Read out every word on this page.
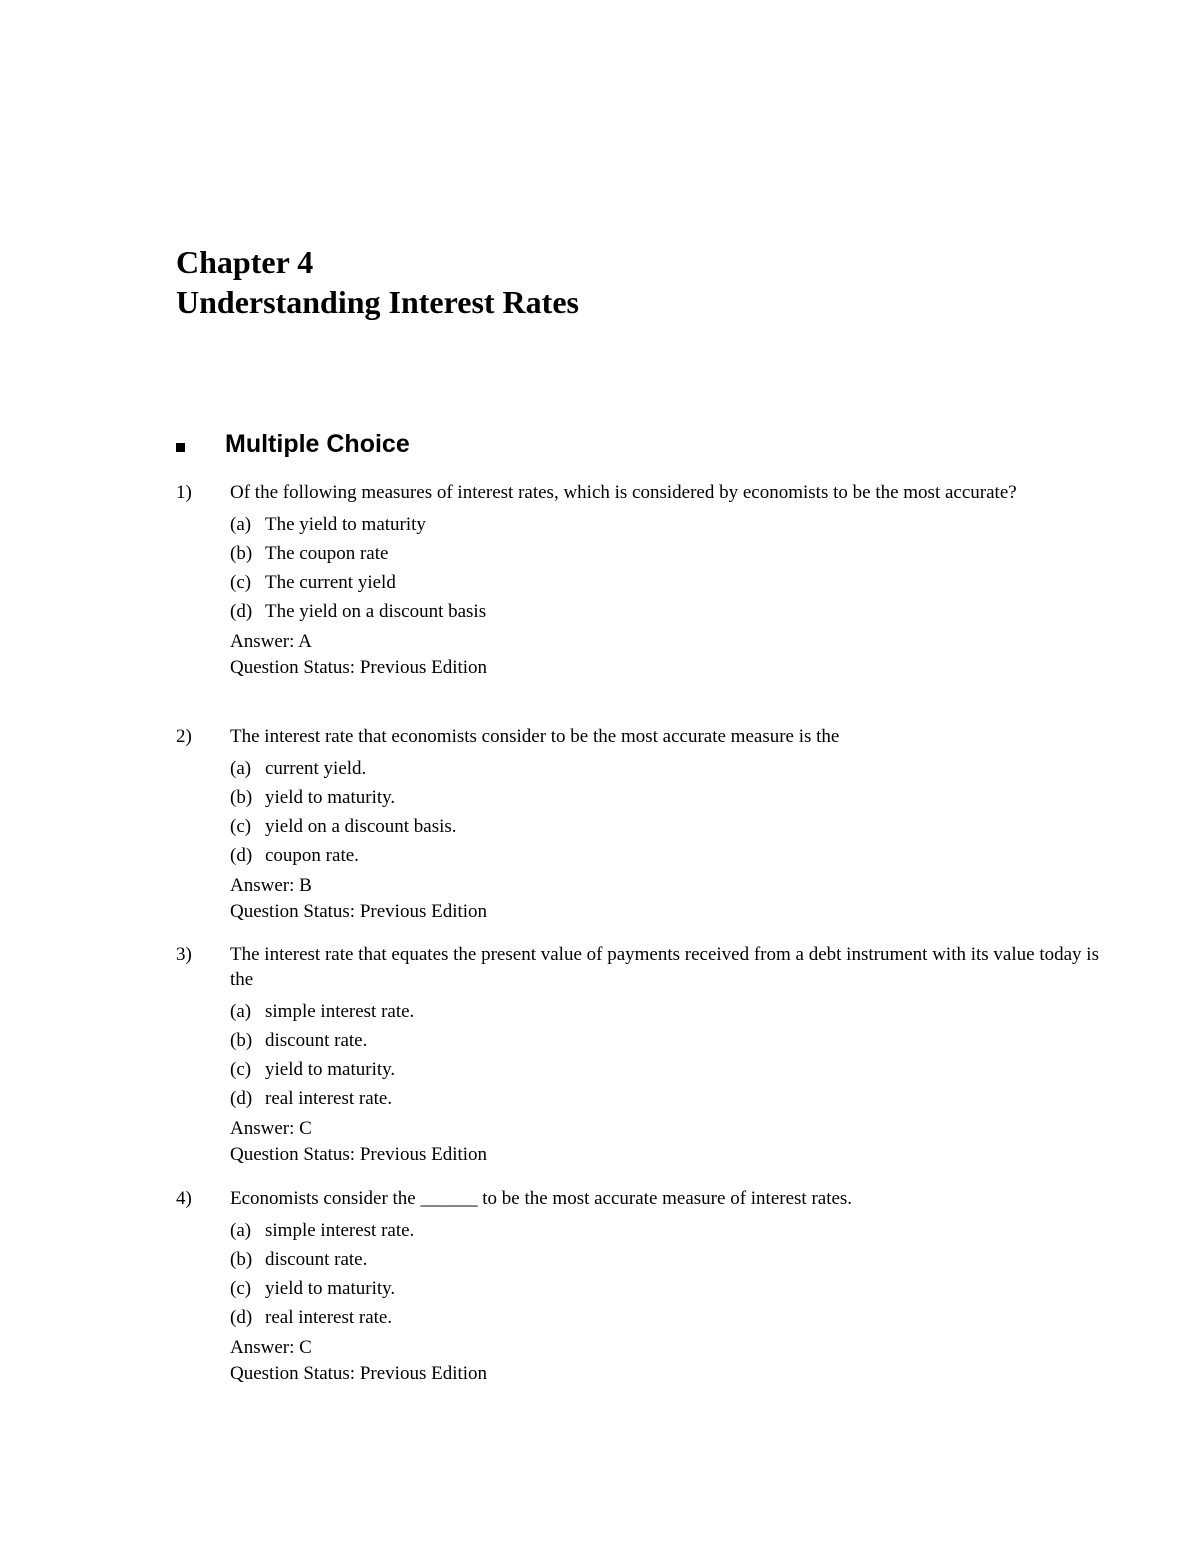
Chapter 4
Understanding Interest Rates
Multiple Choice
1) Of the following measures of interest rates, which is considered by economists to be the most accurate?

(a) The yield to maturity
(b) The coupon rate
(c) The current yield
(d) The yield on a discount basis
Answer: A
Question Status: Previous Edition
2) The interest rate that economists consider to be the most accurate measure is the

(a) current yield.
(b) yield to maturity.
(c) yield on a discount basis.
(d) coupon rate.
Answer: B
Question Status: Previous Edition
3) The interest rate that equates the present value of payments received from a debt instrument with its value today is the

(a) simple interest rate.
(b) discount rate.
(c) yield to maturity.
(d) real interest rate.
Answer: C
Question Status: Previous Edition
4) Economists consider the ______ to be the most accurate measure of interest rates.

(a) simple interest rate.
(b) discount rate.
(c) yield to maturity.
(d) real interest rate.
Answer: C
Question Status: Previous Edition
